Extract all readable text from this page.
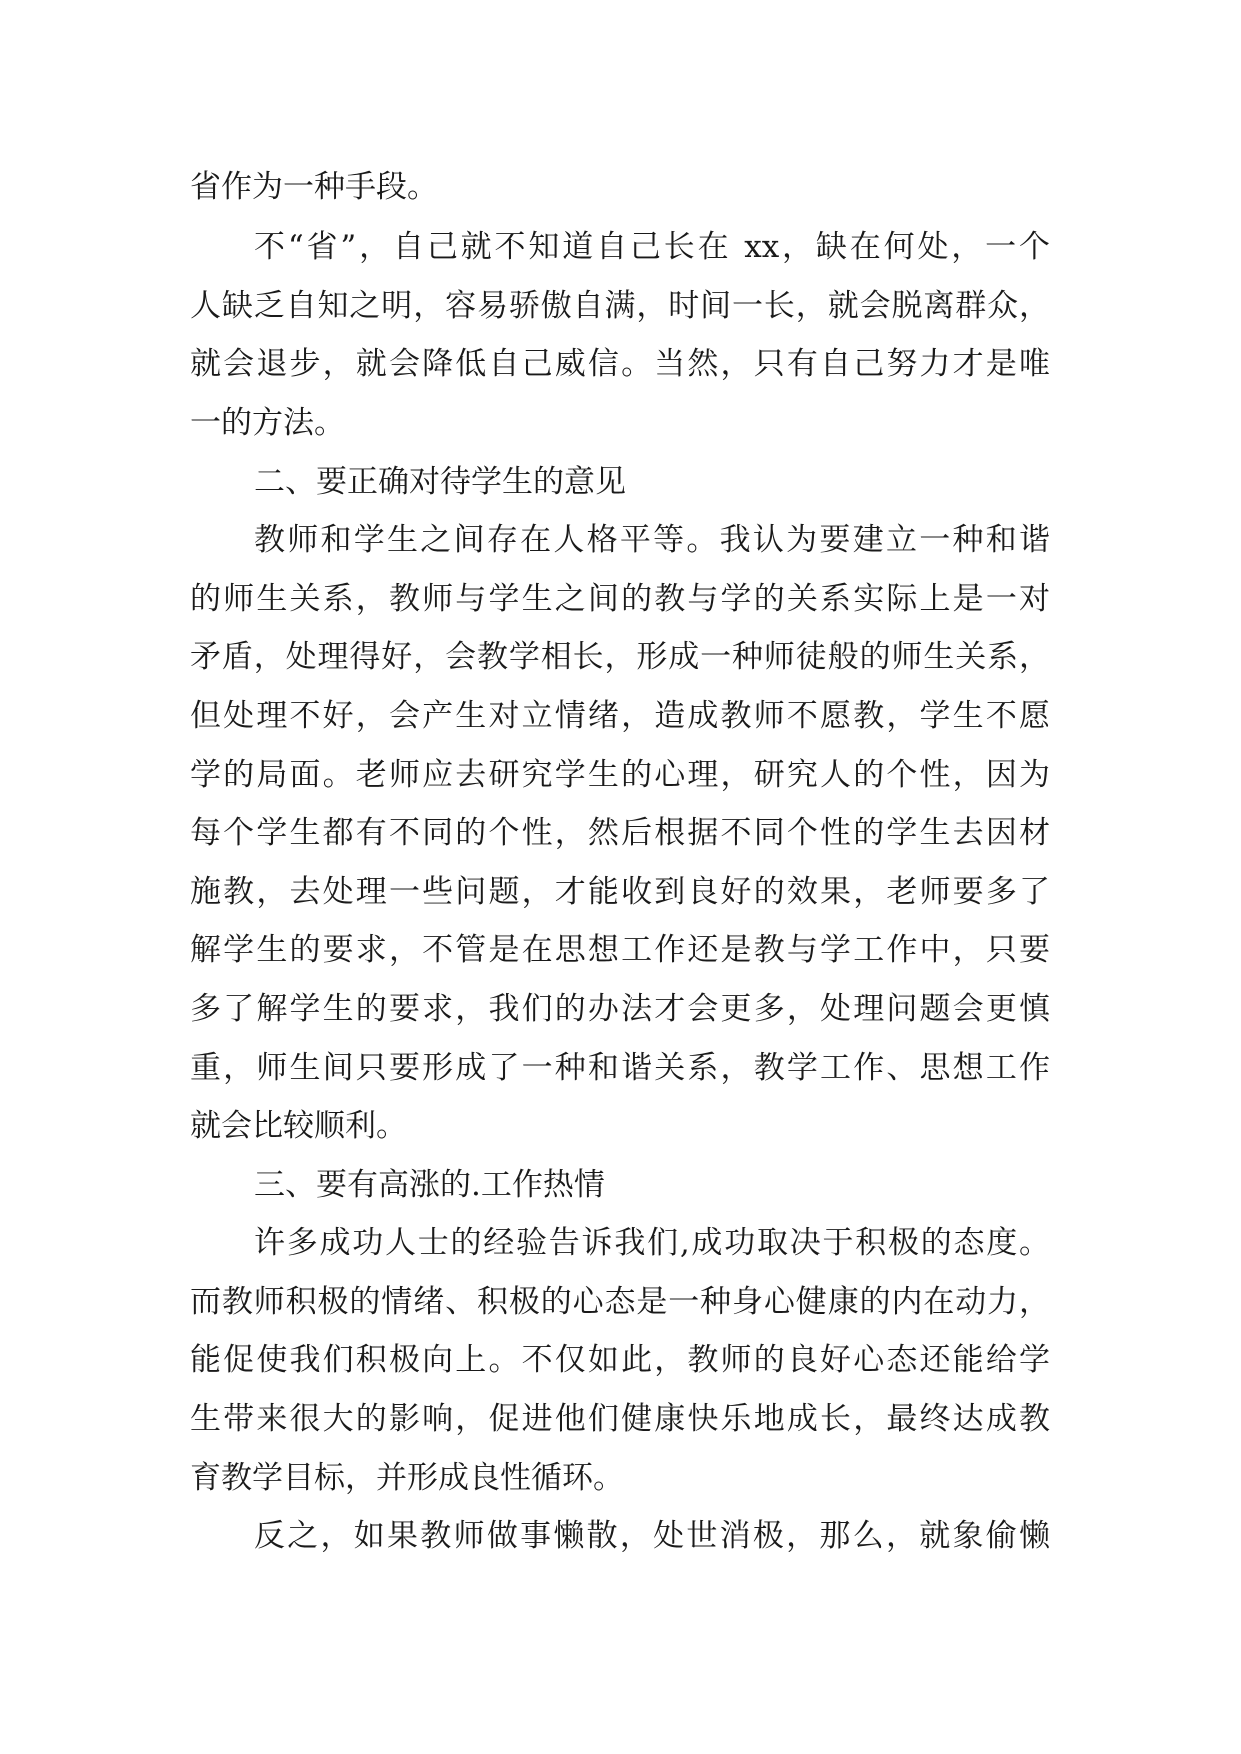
省作为一种手段。
不“省”，自己就不知道自己长在 xx，缺在何处，一个
人缺乏自知之明，容易骄傲自满，时间一长，就会脱离群众，
就会退步，就会降低自己威信。当然，只有自己努力才是唯
一的方法。
二、要正确对待学生的意见
教师和学生之间存在人格平等。我认为要建立一种和谐
的师生关系，教师与学生之间的教与学的关系实际上是一对
矛盾，处理得好，会教学相长，形成一种师徒般的师生关系，
但处理不好，会产生对立情绪，造成教师不愿教，学生不愿
学的局面。老师应去研究学生的心理，研究人的个性，因为
每个学生都有不同的个性，然后根据不同个性的学生去因材
施教，去处理一些问题，才能收到良好的效果，老师要多了
解学生的要求，不管是在思想工作还是教与学工作中，只要
多了解学生的要求，我们的办法才会更多，处理问题会更慎
重，师生间只要形成了一种和谐关系，教学工作、思想工作
就会比较顺利。
三、要有高涨的.工作热情
许多成功人士的经验告诉我们,成功取决于积极的态度。
而教师积极的情绪、积极的心态是一种身心健康的内在动力，
能促使我们积极向上。不仅如此，教师的良好心态还能给学
生带来很大的影响，促进他们健康快乐地成长，最终达成教
育教学目标，并形成良性循环。
反之，如果教师做事懒散，处世消极，那么，就象偷懒
